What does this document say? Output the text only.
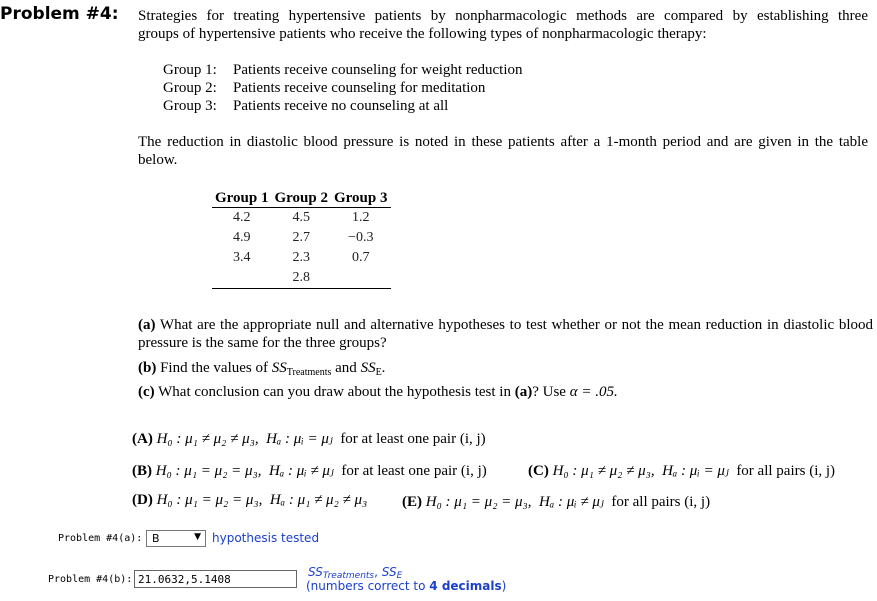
Problem #4: Strategies for treating hypertensive patients by nonpharmacologic methods are compared by establishing three
groups of hypertensive patients who receive the following types of nonpharmacologic therapy:
Group 1: Patients receive counseling for weight reduction
Group 2: Patients receive counseling for meditation
Group 3: Patients receive no counseling at all
The reduction in diastolic blood pressure is noted in these patients after a 1-month period and are given in the table below.
Group 1	Group 2	Group 3
4.2	4.5	1.2
4.9	2.7	−0.3
3.4	2.3	0.7
	2.8	
(a) What are the appropriate null and alternative hypotheses to test whether or not the mean reduction in diastolic blood pressure is the same for the three groups?
(b) Find the values of $SS_{Treatments}$ and $SS_E$.
(c) What conclusion can you draw about the hypothesis test in (a)? Use α = .05.
(A) H₀ : μ₁ ≠ μ₂ ≠ μ₃, Hₐ : μᵢ = μⱼ for at least one pair (i, j)
(B) H₀ : μ₁ = μ₂ = μ₃, Hₐ : μᵢ ≠ μⱼ for at least one pair (i, j)	(C) H₀ : μ₁ ≠ μ₂ ≠ μ₃, Hₐ : μᵢ = μⱼ for all pairs (i, j)
(D) H₀ : μ₁ = μ₂ = μ₃, Hₐ : μ₁ ≠ μ₂ ≠ μ₃ (E) H₀ : μ₁ = μ₂ = μ₃, Hₐ : μᵢ ≠ μⱼ for all pairs (i, j)
Problem #4(a): B	▼ hypothesis tested
Problem #4(b):
21.0632,5.1408
SSTreatments, SSE
(numbers correct to 4 decimals)
